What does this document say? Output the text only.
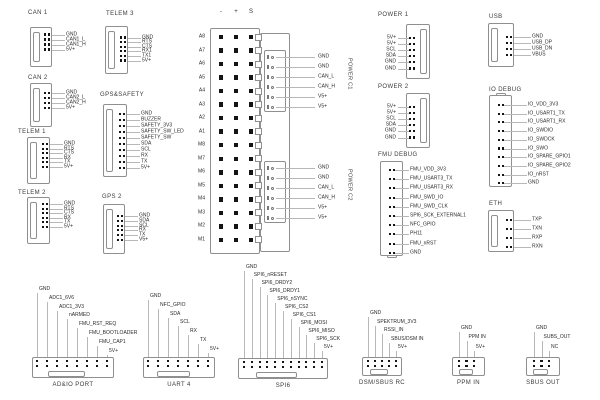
CAN 1
GND
CAN1_L
CAN1_H
5V+
CAN 2
GND
CAN2_L
CAN2_H
5V+
TELEM 1
GND
RTS
CTS
RX
TX
5V+
TELEM 2
GND
RTS
CTS
RX
TX
5V+
TELEM 3
GND
RTS
CTS
RX1
TX1
5V+
GPS&SAFETY
GND
BUZZER
SAFETY_3V3
SAFETY_SW_LED
SAFETY_SW
SDA
SCL
RX
TX
5V+
GPS 2
GND
SDA
SCL
RX
TX
V5+
POWER 1
5V+
5V+
SCL
SDA
GND
GND
POWER 2
5V+
5V+
SCL
SDA
GND
GND
USB
GND
USB_DP
USB_DN
VBUS
IO DEBUG
IO_VDD_3V3
IO_USART1_TX
IO_USART1_RX
IO_SWDIO
IO_SWDCK
IO_SWO
IO_SPARE_GPIO1
IO_SPARE_GPIO2
IO_nRST
GND
FMU DEBUG
FMU_VDD_3V3
FMU_USART3_TX
FMU_USART3_RX
FMU_SWD_IO
FMU_SWD_CLK
SPI6_SCK_EXTERNAL1
NFC_GPIO
PH11
FMU_nRST
GND
ETH
TXP
TXN
RXP
RXN
AD&IO PORT
GND
ADC1_6V6
ADC1_3V3
nARMED
FMU_RST_REQ
FMU_BOOTLOADER
FMU_CAP1
5V+
UART 4
GND
NFC_GPIO
SDA
SCL
RX
TX
5V+
SPI6
GND
SPI6_nRESET
SPI6_DRDY2
SPI6_DRDY1
SPI6_nSYNC
SPI6_CS2
SPI6_CS1
SPI6_MOSI
SPI6_MISO
SPI6_SCK
5V+
DSM/SBUS RC
GND
SPEKTRUM_3V3
RSSI_IN
SBUS/DSM IN
5V+
PPM IN
GND
PPM IN
5V+
SBUS OUT
GND
SUBS_OUT
NC
- + S
A8
A7
A6
A5
A4
A3
A2
A1
M8
M7
M6
M5
M4
M3
M2
M1
GND
GND
CAN_L
CAN_H
V5+
V5+
POWER C1
GND
GND
CAN_L
CAN_H
V5+
V5+
POWER C2
